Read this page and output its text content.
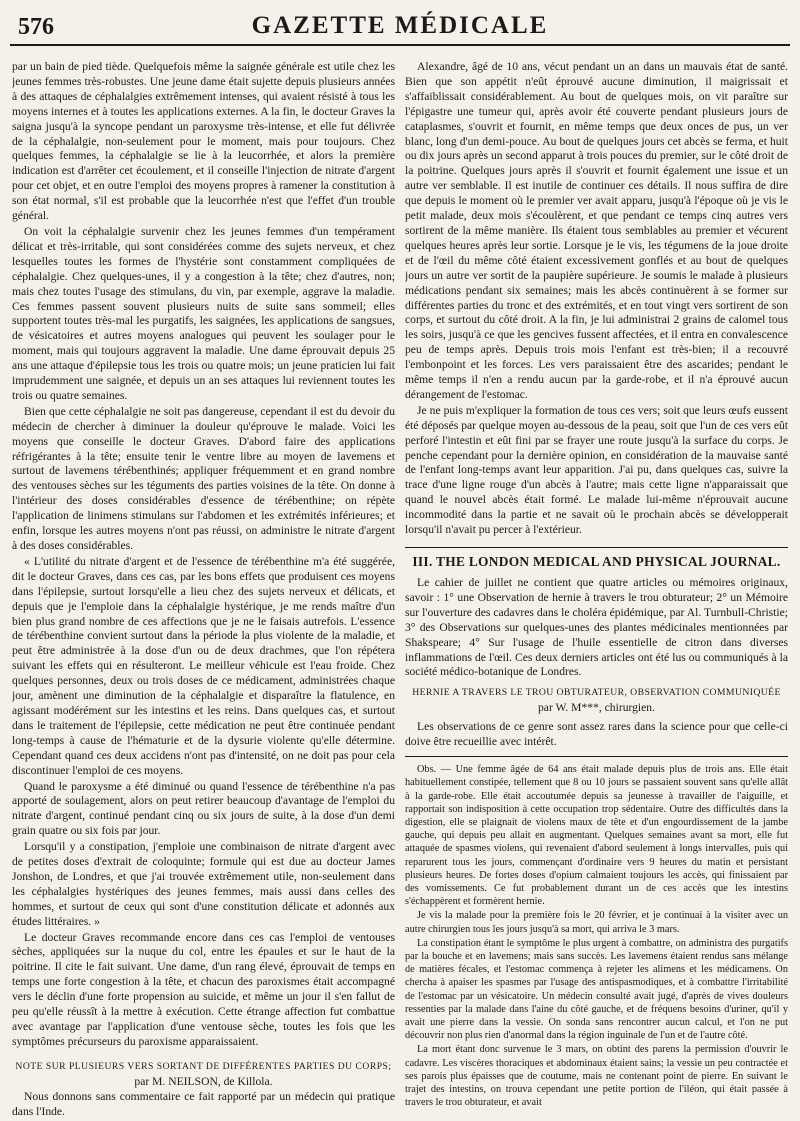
576	GAZETTE MÉDICALE

par un bain de pied tiède. Quelquefois même la saignée générale est utile chez les jeunes femmes très-robustes. Une jeune dame était sujette depuis plusieurs années à des attaques de céphalalgies extrêmement intenses, qui avaient résisté à tous les moyens internes et à toutes les applications externes. A la fin, le docteur Graves la saigna jusqu'à la syncope pendant un paroxysme très-intense, et elle fut délivrée de la céphalalgie, non-seulement pour le moment, mais pour toujours. Chez quelques femmes, la céphalalgie se lie à la leucorrhée, et alors la première indication est d'arrêter cet écoulement, et il conseille l'injection de nitrate d'argent pour cet objet, et en outre l'emploi des moyens propres à ramener la constitution à son état normal, s'il est probable que la leucorrhée n'est que l'effet d'un trouble général.

On voit la céphalalgie survenir chez les jeunes femmes d'un tempérament délicat et très-irritable, qui sont considérées comme des sujets nerveux, et chez lesquelles toutes les formes de l'hystérie sont constamment compliquées de céphalalgie. Chez quelques-unes, il y a congestion à la tête; chez d'autres, non; mais chez toutes l'usage des stimulans, du vin, par exemple, aggrave la maladie. Ces femmes passent souvent plusieurs nuits de suite sans sommeil; elles supportent toutes très-mal les purgatifs, les saignées, les applications de sangsues, de vésicatoires et autres moyens analogues qui peuvent les soulager pour le moment, mais qui toujours aggravent la maladie. Une dame éprouvait depuis 25 ans une attaque d'épilepsie tous les trois ou quatre mois; un jeune praticien lui fait imprudemment une saignée, et depuis un an ses attaques lui reviennent toutes les trois ou quatre semaines.

Bien que cette céphalalgie ne soit pas dangereuse, cependant il est du devoir du médecin de chercher à diminuer la douleur qu'éprouve le malade. Voici les moyens que conseille le docteur Graves. D'abord faire des applications réfrigérantes à la tête; ensuite tenir le ventre libre au moyen de lavemens et surtout de lavemens térébenthinés; appliquer fréquemment et en grand nombre des ventouses sèches sur les téguments des parties voisines de la tête. On donne à l'intérieur des doses considérables d'essence de térébenthine; on répète l'application de linimens stimulans sur l'abdomen et les extrémités inférieures; et enfin, lorsque les autres moyens n'ont pas réussi, on administre le nitrate d'argent à des doses considérables.

« L'utilité du nitrate d'argent et de l'essence de térébenthine m'a été suggérée, dit le docteur Graves, dans ces cas, par les bons effets que produisent ces moyens dans l'épilepsie, surtout lorsqu'elle a lieu chez des sujets nerveux et délicats, et depuis que je l'emploie dans la céphalalgie hystérique, je me rends maître d'un bien plus grand nombre de ces affections que je ne le faisais autrefois. L'essence de térébenthine convient surtout dans la période la plus violente de la maladie, et peut être administrée à la dose d'un ou de deux drachmes, que l'on répétera suivant les effets qui en résulteront. Le meilleur véhicule est l'eau froide. Chez quelques personnes, deux ou trois doses de ce médicament, administrées chaque jour, amènent une diminution de la céphalalgie et disparaître la flatulence, en agissant modérément sur les intestins et les reins. Dans quelques cas, et surtout dans le traitement de l'épilepsie, cette médication ne peut être continuée pendant long-temps à cause de l'hématurie et de la dysurie violente qu'elle détermine. Cependant quand ces deux accidens n'ont pas d'intensité, on ne doit pas pour cela discontinuer l'emploi de ces moyens.

Quand le paroxysme a été diminué ou quand l'essence de térébenthine n'a pas apporté de soulagement, alors on peut retirer beaucoup d'avantage de l'emploi du nitrate d'argent, continué pendant cinq ou six jours de suite, à la dose d'un demi grain quatre ou six fois par jour.

Lorsqu'il y a constipation, j'emploie une combinaison de nitrate d'argent avec de petites doses d'extrait de coloquinte; formule qui est due au docteur James Jonshon, de Londres, et que j'ai trouvée extrêmement utile, non-seulement dans les céphalalgies hystériques des jeunes femmes, mais aussi dans celles des hommes, et surtout de ceux qui sont d'une constitution délicate et adonnés aux études littéraires. »

Le docteur Graves recommande encore dans ces cas l'emploi de ventouses sèches, appliquées sur la nuque du col, entre les épaules et sur le haut de la poitrine. Il cite le fait suivant. Une dame, d'un rang élevé, éprouvait de temps en temps une forte congestion à la tête, et chacun des paroxismes était accompagné vers le déclin d'une forte propension au suicide, et même un jour il s'en fallut de peu qu'elle réussît à la mettre à exécution. Cette étrange affection fut combattue avec avantage par l'application d'une ventouse sèche, toutes les fois que les symptômes précurseurs du paroxisme apparaissaient.

NOTE SUR PLUSIEURS VERS SORTANT DE DIFFÉRENTES PARTIES DU CORPS;
par M. NEILSON, de Killola.

Nous donnons sans commentaire ce fait rapporté par un médecin qui pratique dans l'Inde.

Alexandre, âgé de 10 ans, vécut pendant un an dans un mauvais état de santé. Bien que son appétit n'eût éprouvé aucune diminution, il maigrissait et s'affaiblissait considérablement. Au bout de quelques mois, on vit paraître sur l'épigastre une tumeur qui, après avoir été couverte pendant plusieurs jours de cataplasmes, s'ouvrit et fournit, en même temps que deux onces de pus, un ver blanc, long d'un demi-pouce. Au bout de quelques jours cet abcès se ferma, et huit ou dix jours après un second apparut à trois pouces du premier, sur le côté droit de la poitrine. Quelques jours après il s'ouvrit et fournit également une issue et un autre ver semblable. Il est inutile de continuer ces détails. Il nous suffira de dire que depuis le moment où le premier ver avait apparu, jusqu'à l'époque où je vis le petit malade, deux mois s'écoulèrent, et que pendant ce temps cinq autres vers sortirent de la même manière. Ils étaient tous semblables au premier et vécurent quelques heures après leur sortie. Lorsque je le vis, les tégumens de la joue droite et de l'œil du même côté étaient excessivement gonflés et au bout de quelques jours un autre ver sortit de la paupière supérieure. Je soumis le malade à plusieurs médications pendant six semaines; mais les abcès continuèrent à se former sur différentes parties du tronc et des extrémités, et en tout vingt vers sortirent de son corps, et surtout du côté droit. A la fin, je lui administrai 2 grains de calomel tous les soirs, jusqu'à ce que les gencives fussent affectées, et il entra en convalescence peu de temps après. Depuis trois mois l'enfant est très-bien; il a recouvré l'embonpoint et les forces. Les vers paraissaient être des ascarides; pendant le même temps il n'en a rendu aucun par la garde-robe, et il n'a éprouvé aucun dérangement de l'estomac.

Je ne puis m'expliquer la formation de tous ces vers; soit que leurs œufs eussent été déposés par quelque moyen au-dessous de la peau, soit que l'un de ces vers eût perforé l'intestin et eût fini par se frayer une route jusqu'à la surface du corps. Je penche cependant pour la dernière opinion, en considération de la mauvaise santé de l'enfant long-temps avant leur apparition. J'ai pu, dans quelques cas, suivre la trace d'une ligne rouge d'un abcès à l'autre; mais cette ligne n'apparaissait que quand le nouvel abcès était formé. Le malade lui-même n'éprouvait aucune incommodité dans la partie et ne savait où le prochain abcès se développerait lorsqu'il n'avait pu percer à l'extérieur.

III. THE LONDON MEDICAL AND PHYSICAL JOURNAL.

Le cahier de juillet ne contient que quatre articles ou mémoires originaux, savoir : 1° une Observation de hernie à travers le trou obturateur; 2° un Mémoire sur l'ouverture des cadavres dans le choléra épidémique, par Al. Turnbull-Christie; 3° des Observations sur quelques-unes des plantes médicinales mentionnées par Shakspeare; 4° Sur l'usage de l'huile essentielle de citron dans diverses inflammations de l'œil. Ces deux derniers articles ont été lus ou communiqués à la société médico-botanique de Londres.

HERNIE A TRAVERS LE TROU OBTURATEUR, OBSERVATION COMMUNIQUÉE
par W. M***, chirurgien.

Les observations de ce genre sont assez rares dans la science pour que celle-ci doive être recueillie avec intérêt.

Obs. — Une femme âgée de 64 ans était malade depuis plus de trois ans. Elle était habituellement constipée, tellement que 8 ou 10 jours se passaient souvent sans qu'elle allât à la garde-robe. Elle était accoutumée depuis sa jeunesse à travailler de l'aiguille, et rapportait son indisposition à cette occupation trop sédentaire. Outre des difficultés dans la digestion, elle se plaignait de violens maux de tête et d'un engourdissement de la jambe gauche, qui depuis peu allait en augmentant. Quelques semaines avant sa mort, elle fut attaquée de spasmes violens, qui revenaient d'abord seulement à longs intervalles, puis qui reparurent tous les jours, commençant d'ordinaire vers 9 heures du matin et persistant plusieurs heures. De fortes doses d'opium calmaient toujours les accès, qui finissaient par des vomissements. Ce fut probablement durant un de ces accès que les intestins s'échappèrent et formèrent hernie.

Je vis la malade pour la première fois le 20 février, et je continuai à la visiter avec un autre chirurgien tous les jours jusqu'à sa mort, qui arriva le 3 mars.

La constipation étant le symptôme le plus urgent à combattre, on administra des purgatifs par la bouche et en lavemens; mais sans succès. Les lavemens étaient rendus sans mélange de matières fécales, et l'estomac commença à rejeter les alimens et les médicamens. On chercha à apaiser les spasmes par l'usage des antispasmodiques, et à combattre l'irritabilité de l'estomac par un vésicatoire. Un médecin consulté avait jugé, d'après de vives douleurs ressenties par la malade dans l'aine du côté gauche, et de fréquens besoins d'uriner, qu'il y avait une pierre dans la vessie. On sonda sans rencontrer aucun calcul, et l'on ne put découvrir non plus rien d'anormal dans la région inguinale de l'un et de l'autre côté.

La mort étant donc survenue le 3 mars, on obtint des parens la permission d'ouvrir le cadavre. Les viscères thoraciques et abdominaux étaient sains; la vessie un peu contractée et ses parois plus épaisses que de coutume, mais ne contenant point de pierre. En suivant le trajet des intestins, on trouva cependant une petite portion de l'iléon, qui était passée à travers le trou obturateur, et avait
